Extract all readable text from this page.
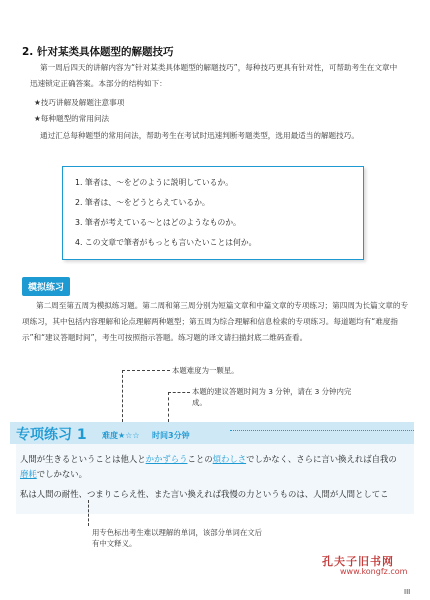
2. 针对某类具体题型的解题技巧
第一周后四天的讲解内容为“针对某类具体题型的解题技巧”，每种技巧更具有针对性，可帮助考生在文章中迅速锁定正确答案。本部分的结构如下：
★技巧讲解及解题注意事项
★每种题型的常用问法
通过汇总每种题型的常用问法，帮助考生在考试时迅速判断考题类型，选用最适当的解题技巧。
1. 筆者は、〜をどのように説明しているか。
2. 筆者は、〜をどうとらえているか。
3. 筆者が考えている〜とはどのようなものか。
4. この文章で筆者がもっとも言いたいことは何か。
模拟练习
第二周至第五周为模拟练习题。第二周和第三周分别为短篇文章和中篇文章的专项练习；第四周为长篇文章的专项练习，其中包括内容理解和论点理解两种题型；第五周为综合理解和信息检索的专项练习。每道题均有“难度指示”和“建议答题时间”，考生可按照指示答题。练习题的译文请扫描封底二维码查看。
本题难度为一颗星。
本题的建议答题时间为 3 分钟，请在 3 分钟内完成。
专项练习 1 难度★☆☆ 时间3分钟
人間が生きるということは他人とかかずらうことの煩わしさでしかなく、さらに言い換えれば自我の
磨耗でしかない。
私は人間の耐性、つまりこらえ性、また言い換えれば我慢の力というものは、人間が人間としてこ
用专色标出考生难以理解的单词，该部分单词在文后有中文释义。
孔夫子旧书网
www.kongfz.com
III
